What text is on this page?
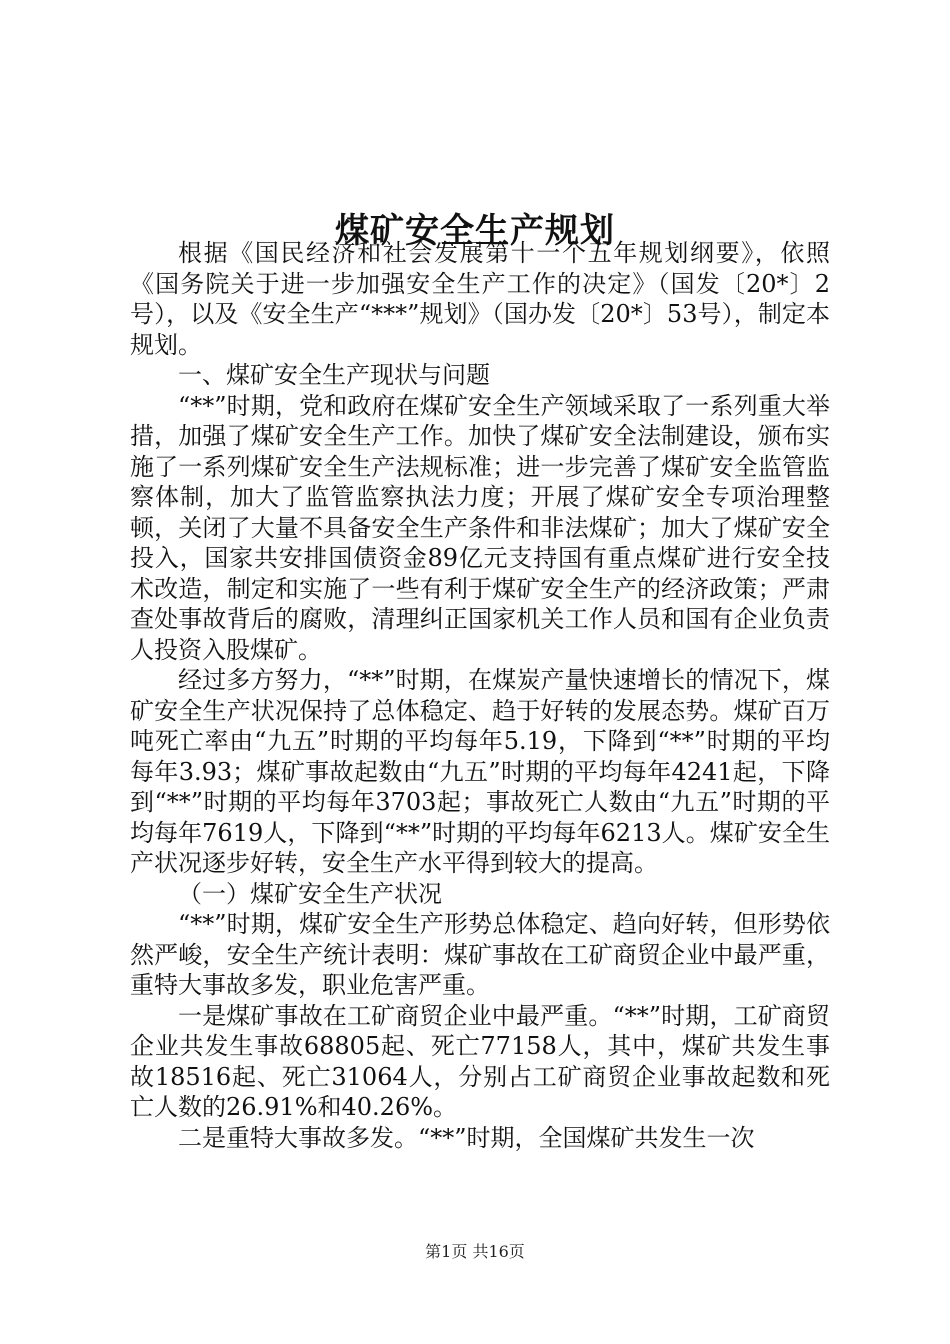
煤矿安全生产规划

根据《国民经济和社会发展第十一个五年规划纲要》，依照《国务院关于进一步加强安全生产工作的决定》（国发〔20*〕2号），以及《安全生产“***”规划》（国办发〔20*〕53号），制定本规划。

一、煤矿安全生产现状与问题

“**”时期，党和政府在煤矿安全生产领域采取了一系列重大举措，加强了煤矿安全生产工作。加快了煤矿安全法制建设，颁布实施了一系列煤矿安全生产法规标准；进一步完善了煤矿安全监管监察体制，加大了监管监察执法力度；开展了煤矿安全专项治理整顿，关闭了大量不具备安全生产条件和非法煤矿；加大了煤矿安全投入，国家共安排国债资金89亿元支持国有重点煤矿进行安全技术改造，制定和实施了一些有利于煤矿安全生产的经济政策；严肃查处事故背后的腐败，清理纠正国家机关工作人员和国有企业负责人投资入股煤矿。

经过多方努力，“**”时期，在煤炭产量快速增长的情况下，煤矿安全生产状况保持了总体稳定、趋于好转的发展态势。煤矿百万吨死亡率由“九五”时期的平均每年5.19，下降到“**”时期的平均每年3.93；煤矿事故起数由“九五”时期的平均每年4241起，下降到“**”时期的平均每年3703起；事故死亡人数由“九五”时期的平均每年7619人，下降到“**”时期的平均每年6213人。煤矿安全生产状况逐步好转，安全生产水平得到较大的提高。

（一）煤矿安全生产状况

“**”时期，煤矿安全生产形势总体稳定、趋向好转，但形势依然严峻，安全生产统计表明：煤矿事故在工矿商贸企业中最严重，重特大事故多发，职业危害严重。

一是煤矿事故在工矿商贸企业中最严重。“**”时期，工矿商贸企业共发生事故68805起、死亡77158人，其中，煤矿共发生事故18516起、死亡31064人，分别占工矿商贸企业事故起数和死亡人数的26.91%和40.26%。

二是重特大事故多发。“**”时期，全国煤矿共发生一次

第1页 共16页
